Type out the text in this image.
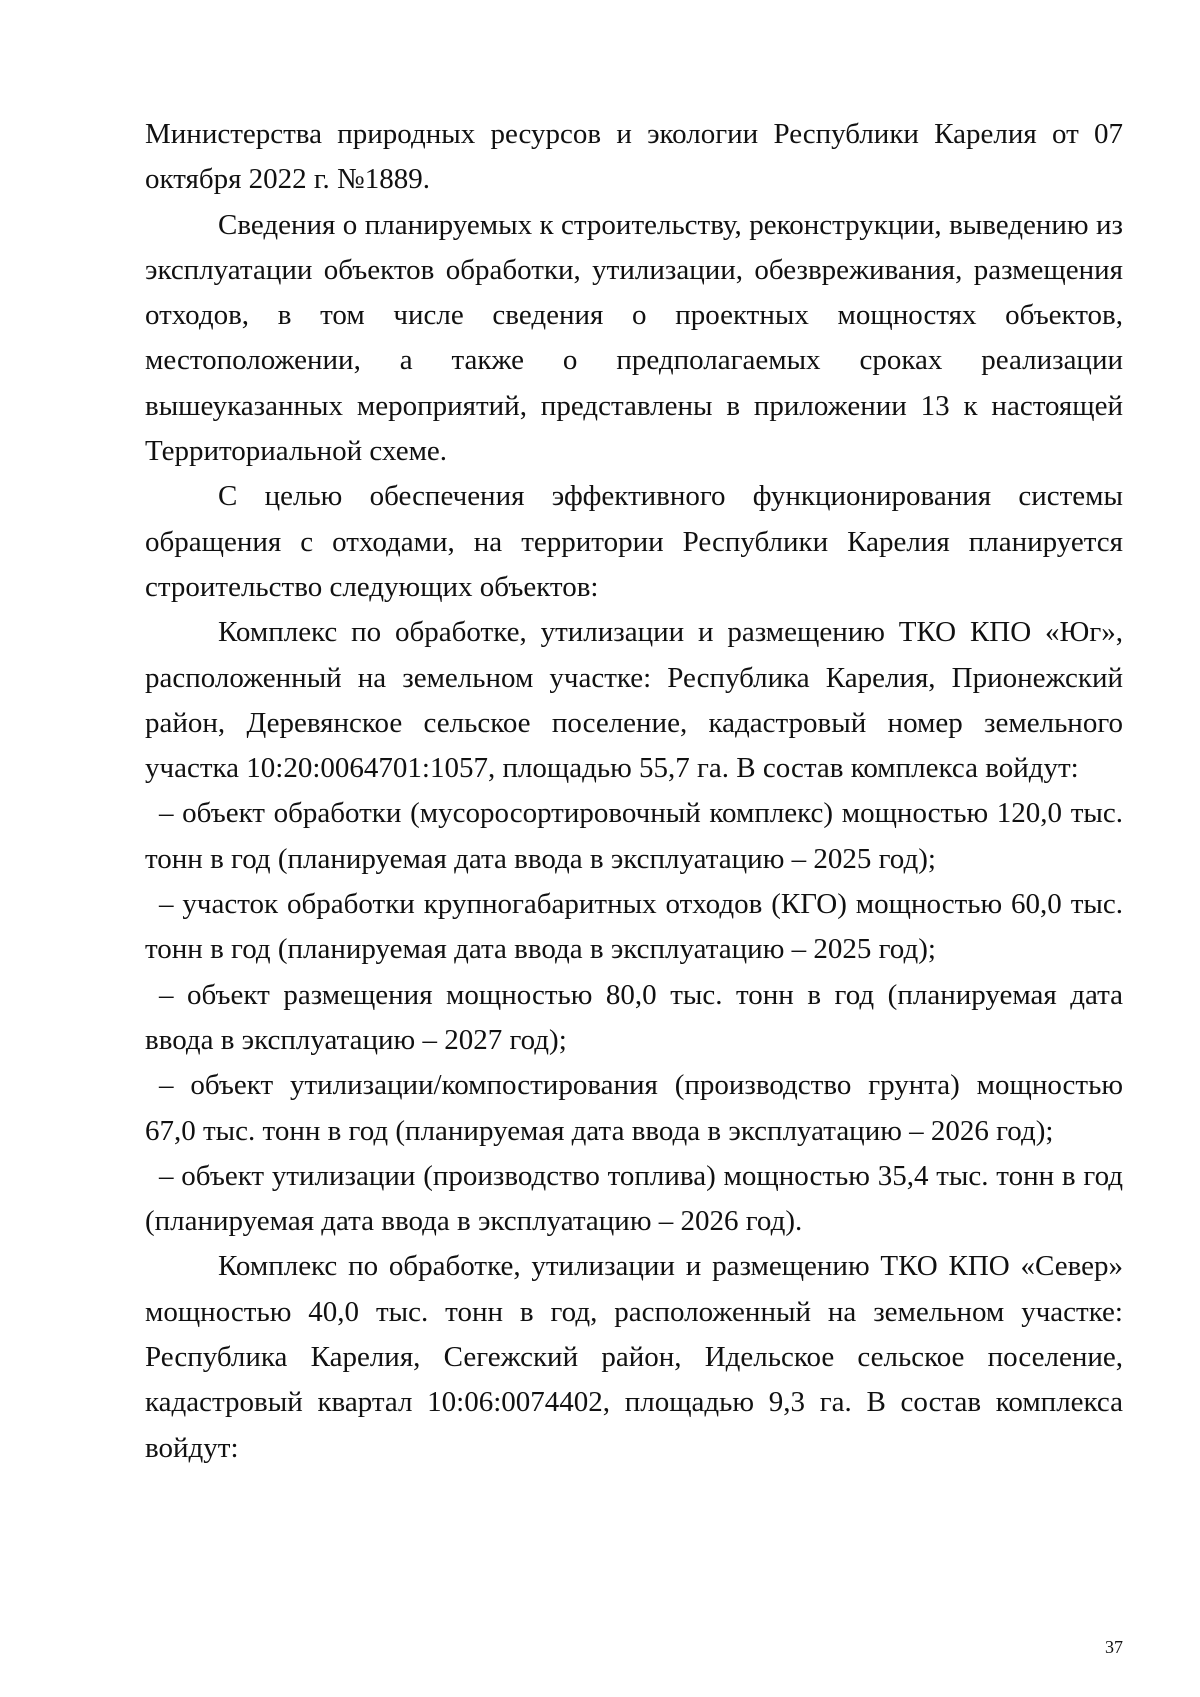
Министерства природных ресурсов и экологии Республики Карелия от 07 октября 2022 г. №1889.

Сведения о планируемых к строительству, реконструкции, выведению из эксплуатации объектов обработки, утилизации, обезвреживания, размещения отходов, в том числе сведения о проектных мощностях объектов, местоположении, а также о предполагаемых сроках реализации вышеуказанных мероприятий, представлены в приложении 13 к настоящей Территориальной схеме.

С целью обеспечения эффективного функционирования системы обращения с отходами, на территории Республики Карелия планируется строительство следующих объектов:

Комплекс по обработке, утилизации и размещению ТКО КПО «Юг», расположенный на земельном участке: Республика Карелия, Прионежский район, Деревянское сельское поселение, кадастровый номер земельного участка 10:20:0064701:1057, площадью 55,7 га. В состав комплекса войдут:

– объект обработки (мусоросортировочный комплекс) мощностью 120,0 тыс. тонн в год (планируемая дата ввода в эксплуатацию – 2025 год);

– участок обработки крупногабаритных отходов (КГО) мощностью 60,0 тыс. тонн в год (планируемая дата ввода в эксплуатацию – 2025 год);

– объект размещения мощностью 80,0 тыс. тонн в год (планируемая дата ввода в эксплуатацию – 2027 год);

– объект утилизации/компостирования (производство грунта) мощностью 67,0 тыс. тонн в год (планируемая дата ввода в эксплуатацию – 2026 год);

– объект утилизации (производство топлива) мощностью 35,4 тыс. тонн в год (планируемая дата ввода в эксплуатацию – 2026 год).

Комплекс по обработке, утилизации и размещению ТКО КПО «Север» мощностью 40,0 тыс. тонн в год, расположенный на земельном участке: Республика Карелия, Сегежский район, Идельское сельское поселение, кадастровый квартал 10:06:0074402, площадью 9,3 га. В состав комплекса войдут:

37
